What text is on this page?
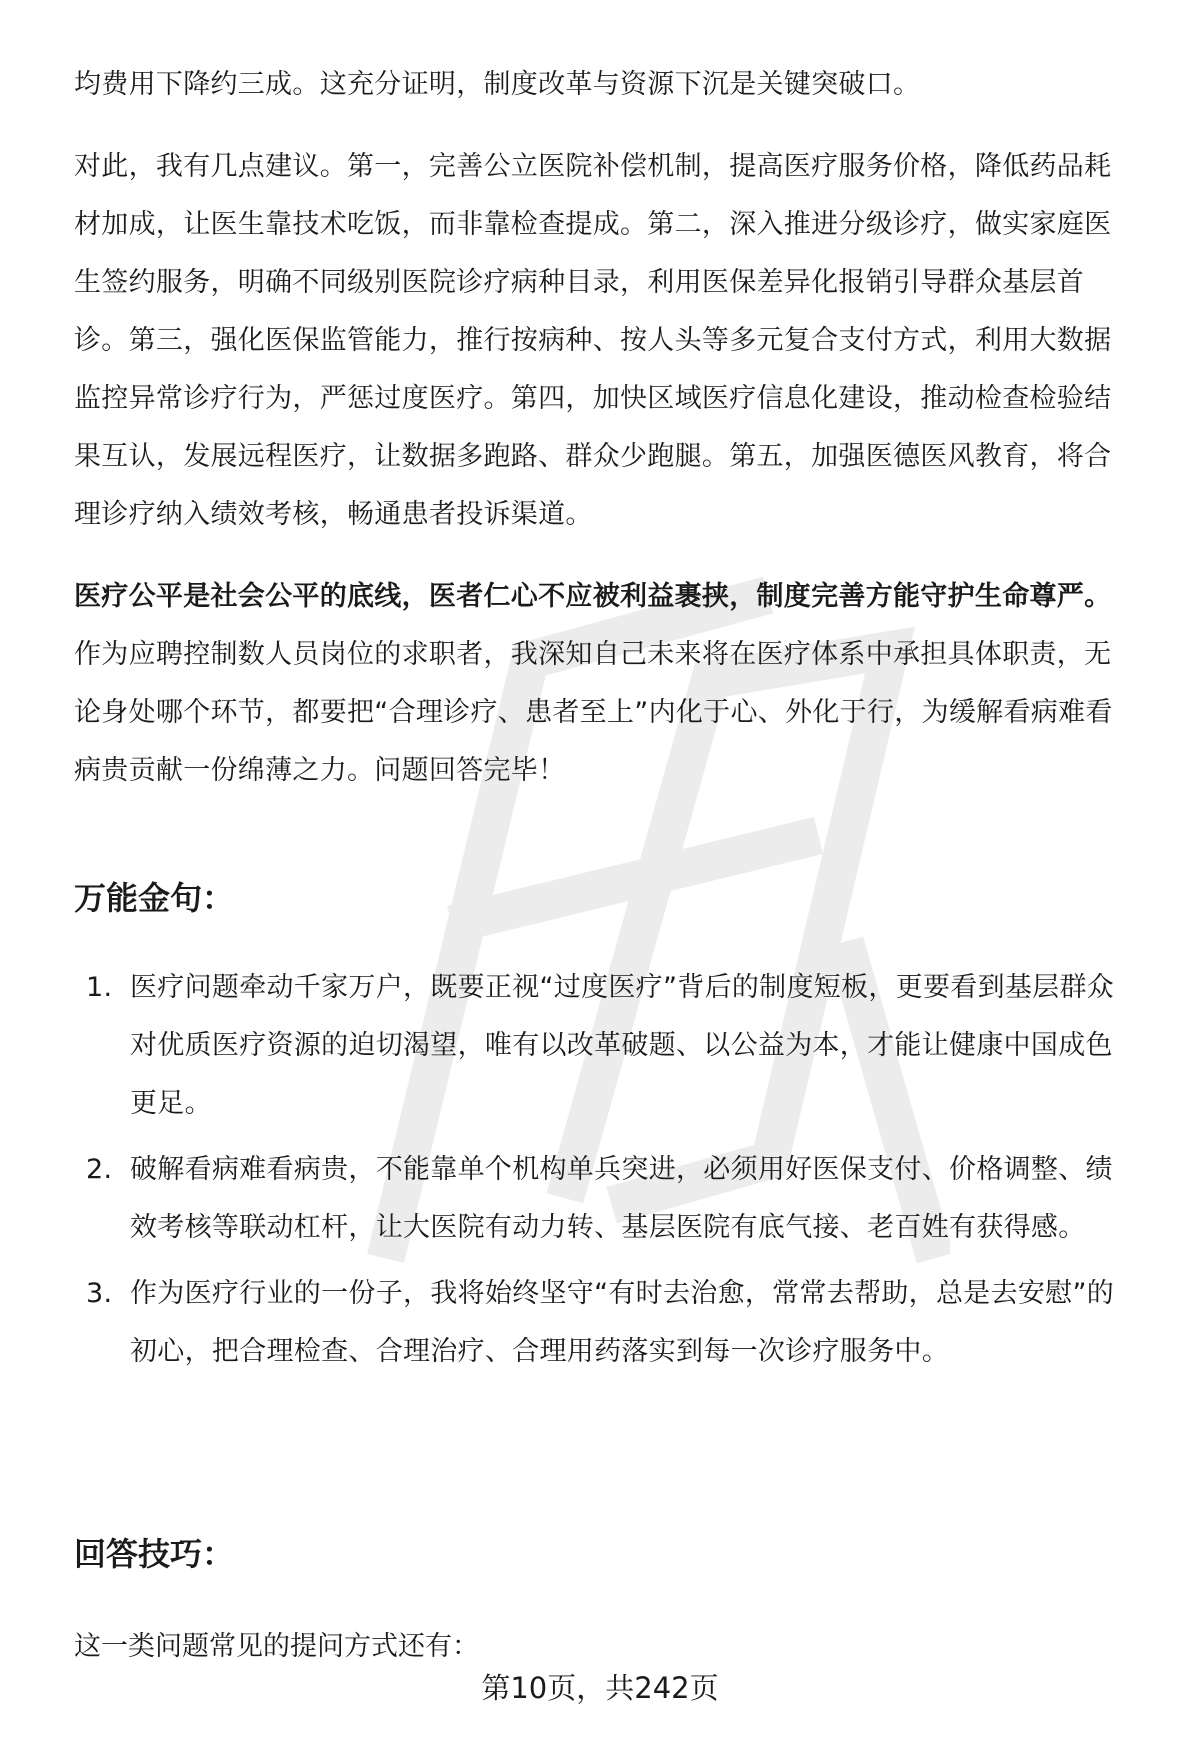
均费用下降约三成。这充分证明，制度改革与资源下沉是关键突破口。

对此，我有几点建议。第一，完善公立医院补偿机制，提高医疗服务价格，降低药品耗材加成，让医生靠技术吃饭，而非靠检查提成。第二，深入推进分级诊疗，做实家庭医生签约服务，明确不同级别医院诊疗病种目录，利用医保差异化报销引导群众基层首诊。第三，强化医保监管能力，推行按病种、按人头等多元复合支付方式，利用大数据监控异常诊疗行为，严惩过度医疗。第四，加快区域医疗信息化建设，推动检查检验结果互认，发展远程医疗，让数据多跑路、群众少跑腿。第五，加强医德医风教育，将合理诊疗纳入绩效考核，畅通患者投诉渠道。

医疗公平是社会公平的底线，医者仁心不应被利益裹挟，制度完善方能守护生命尊严。 作为应聘控制数人员岗位的求职者，我深知自己未来将在医疗体系中承担具体职责，无论身处哪个环节，都要把“合理诊疗、患者至上”内化于心、外化于行，为缓解看病难看病贵贡献一份绵薄之力。问题回答完毕！

万能金句：
1. 医疗问题牵动千家万户，既要正视“过度医疗”背后的制度短板，更要看到基层群众对优质医疗资源的迫切渴望，唯有以改革破题、以公益为本，才能让健康中国成色更足。
2. 破解看病难看病贵，不能靠单个机构单兵突进，必须用好医保支付、价格调整、绩效考核等联动杠杆，让大医院有动力转、基层医院有底气接、老百姓有获得感。
3. 作为医疗行业的一份子，我将始终坚守“有时去治愈，常常去帮助，总是去安慰”的初心，把合理检查、合理治疗、合理用药落实到每一次诊疗服务中。
回答技巧：

这一类问题常见的提问方式还有：

第10页，共242页
